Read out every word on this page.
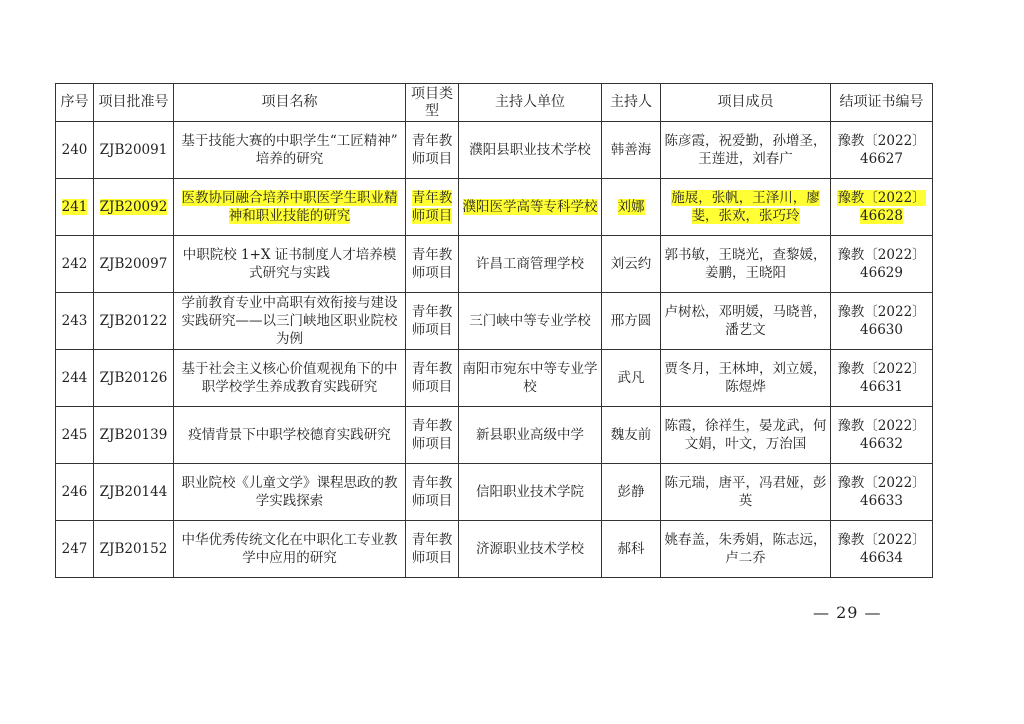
序号	项目批准号	项目名称	项目类型	主持人单位	主持人	项目成员	结项证书编号
240	ZJB20091	基于技能大赛的中职学生“工匠精神” 培养的研究	青年教师项目	濮阳县职业技术学校	韩善海	陈彦霞，祝爱勤，孙增圣，王莲进，刘春广	豫教〔2022〕46627
241	ZJB20092	医教协同融合培养中职医学生职业精神和职业技能的研究	青年教师项目	濮阳医学高等专科学校	刘娜	施展，张帆，王泽川，廖斐，张欢，张巧玲	豫教〔2022〕46628
242	ZJB20097	中职院校 1+X 证书制度人才培养模式研究与实践	青年教师项目	许昌工商管理学校	刘云约	郭书敏，王晓光，查黎媛，姜鹏，王晓阳	豫教〔2022〕46629
243	ZJB20122	学前教育专业中高职有效衔接与建设实践研究——以三门峡地区职业院校为例	青年教师项目	三门峡中等专业学校	邢方圆	卢树松，邓明媛，马晓普，潘艺文	豫教〔2022〕46630
244	ZJB20126	基于社会主义核心价值观视角下的中职学校学生养成教育实践研究	青年教师项目	南阳市宛东中等专业学校	武凡	贾冬月，王林坤，刘立媛，陈煜烨	豫教〔2022〕46631
245	ZJB20139	疫情背景下中职学校德育实践研究	青年教师项目	新县职业高级中学	魏友前	陈霞，徐祥生，晏龙武，何文娟，叶文，万治国	豫教〔2022〕46632
246	ZJB20144	职业院校《儿童文学》课程思政的教学实践探索	青年教师项目	信阳职业技术学院	彭静	陈元瑞，唐平，冯君娅，彭英	豫教〔2022〕46633
247	ZJB20152	中华优秀传统文化在中职化工专业教学中应用的研究	青年教师项目	济源职业技术学校	郝科	姚春盖，朱秀娟，陈志远，卢二乔	豫教〔2022〕46634
— 29 —
